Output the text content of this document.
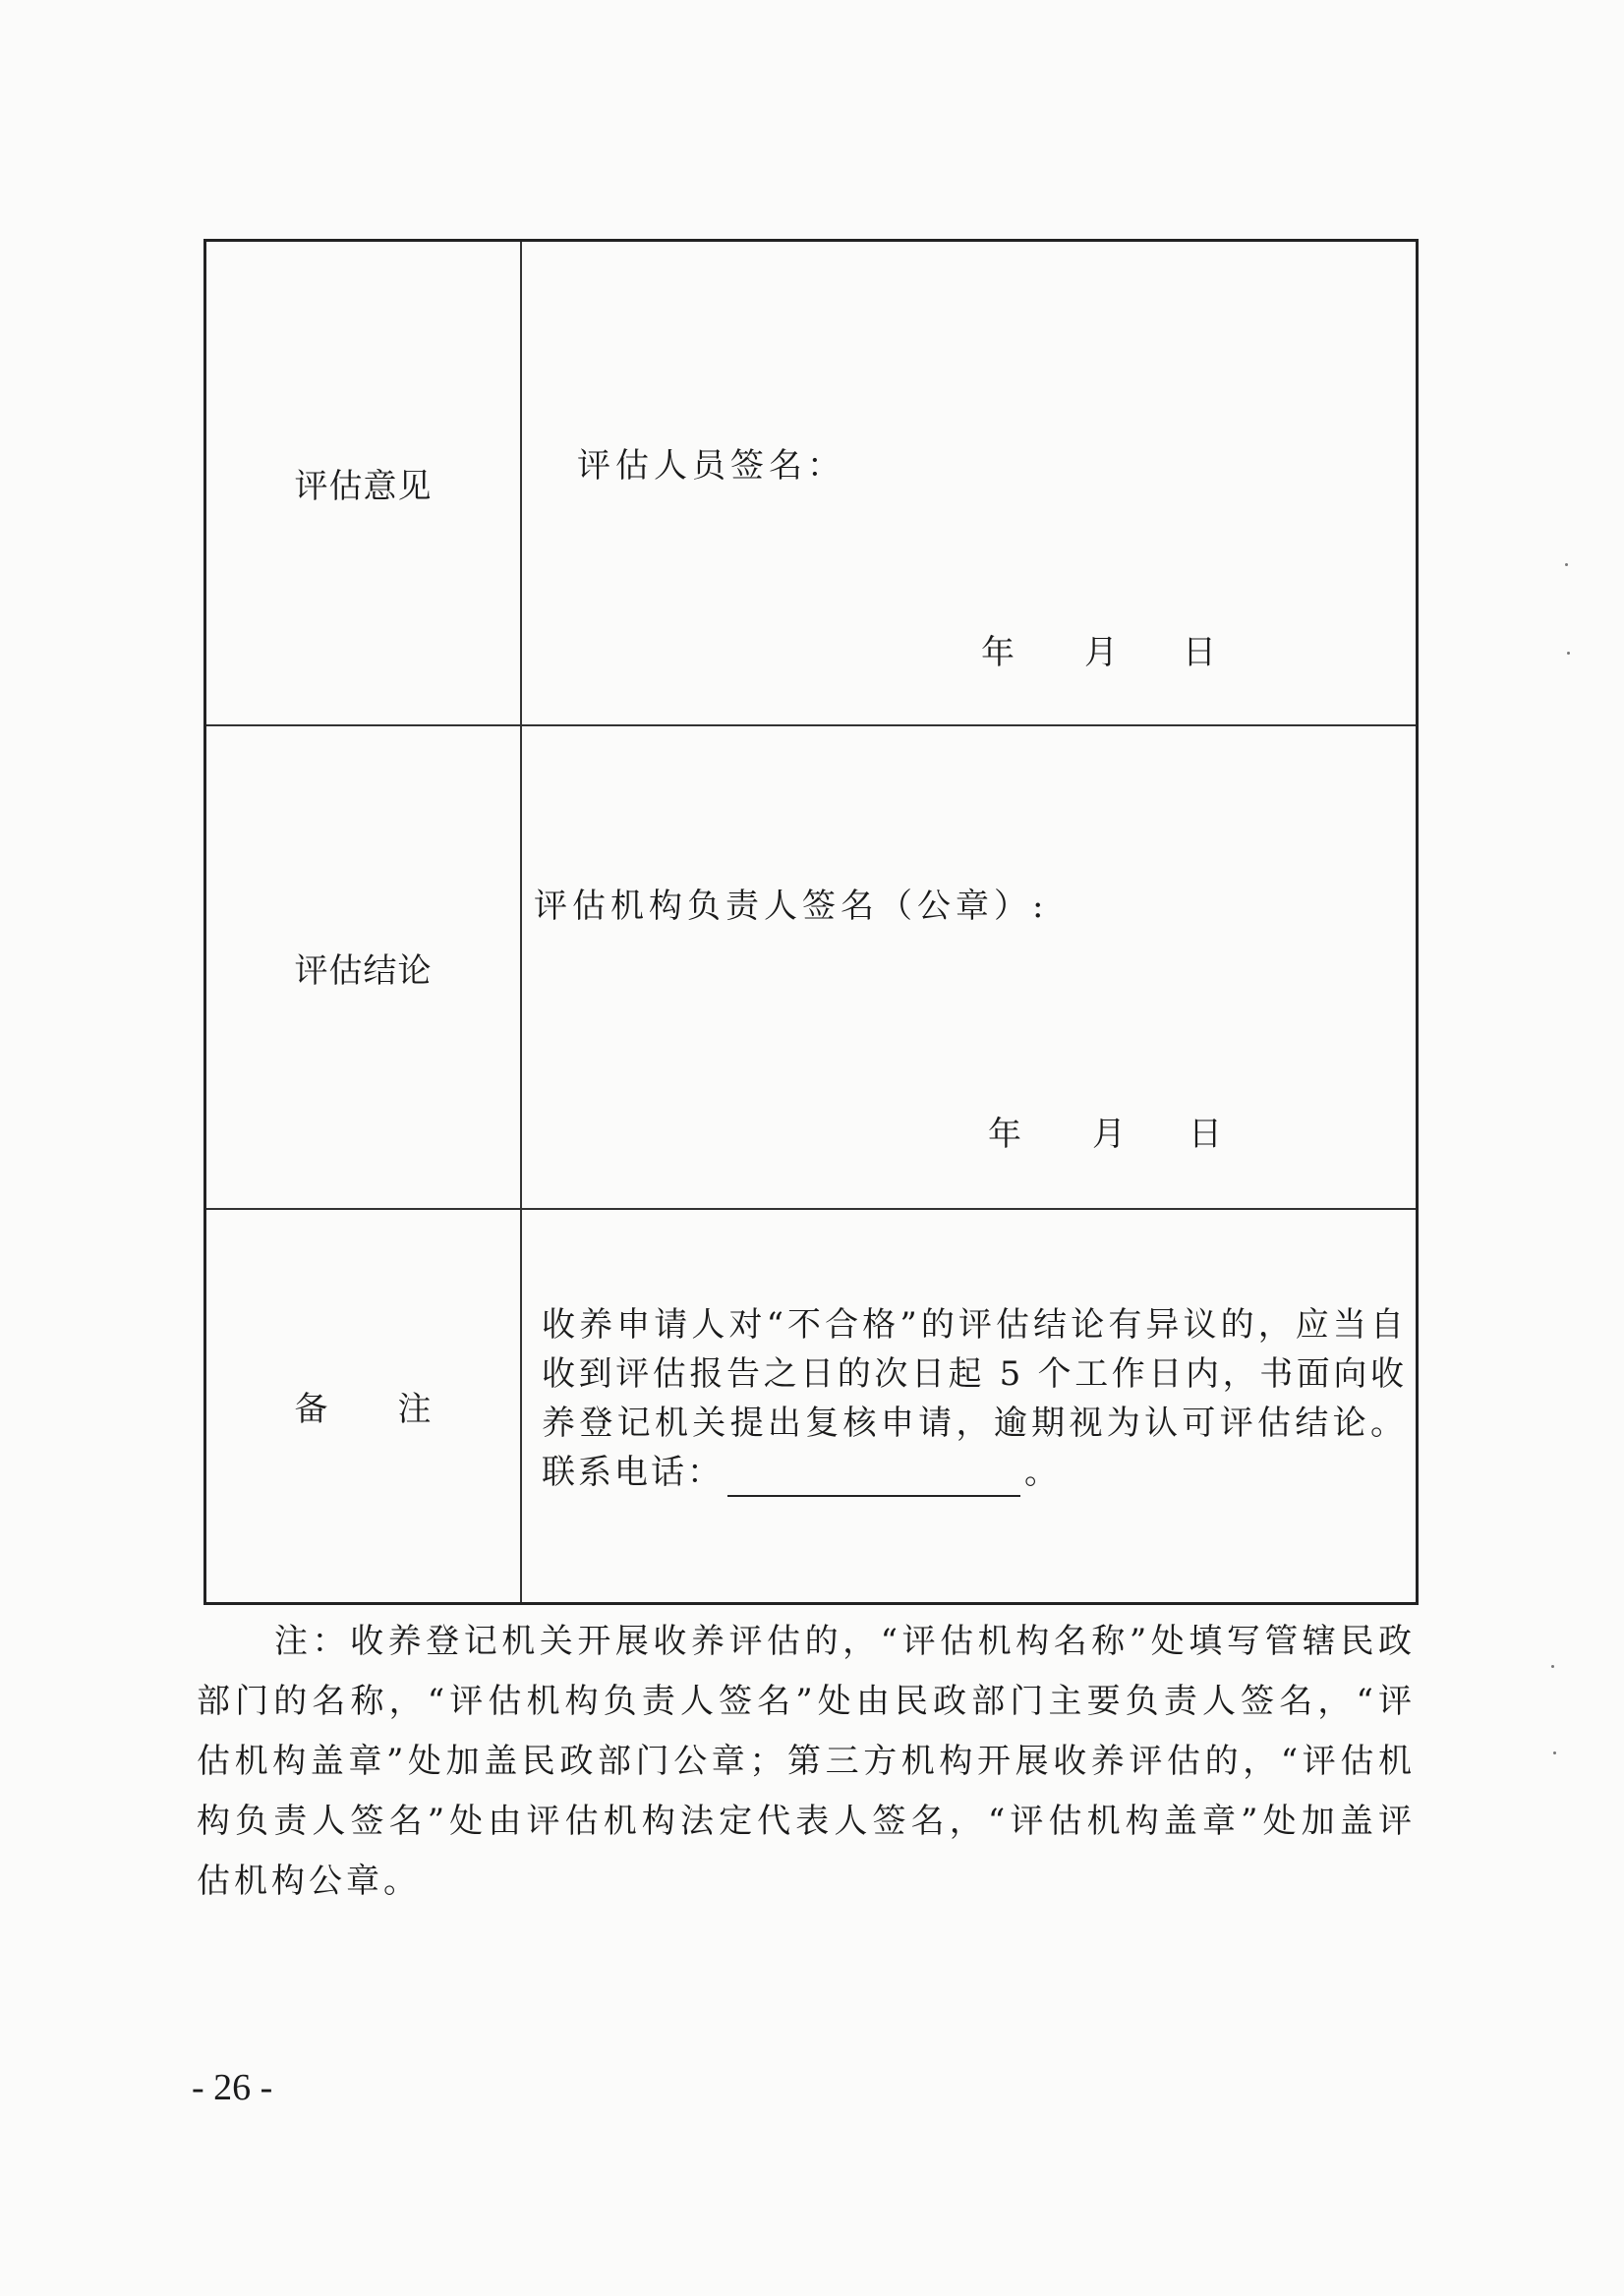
评估意见
评估人员签名：
年 月 日
评估结论
评估机构负责人签名（公章）:
年 月 日
备 注
收养申请人对“不合格”的评估结论有异议的，应当自收到评估报告之日的次日起 5 个工作日内，书面向收养登记机关提出复核申请，逾期视为认可评估结论。联系电话：	。
注：收养登记机关开展收养评估的，“评估机构名称”处填写管辖民政部门的名称，“评估机构负责人签名”处由民政部门主要负责人签名，“评估机构盖章”处加盖民政部门公章；第三方机构开展收养评估的，“评估机构负责人签名”处由评估机构法定代表人签名，“评估机构盖章”处加盖评估机构公章。
- 26 -
